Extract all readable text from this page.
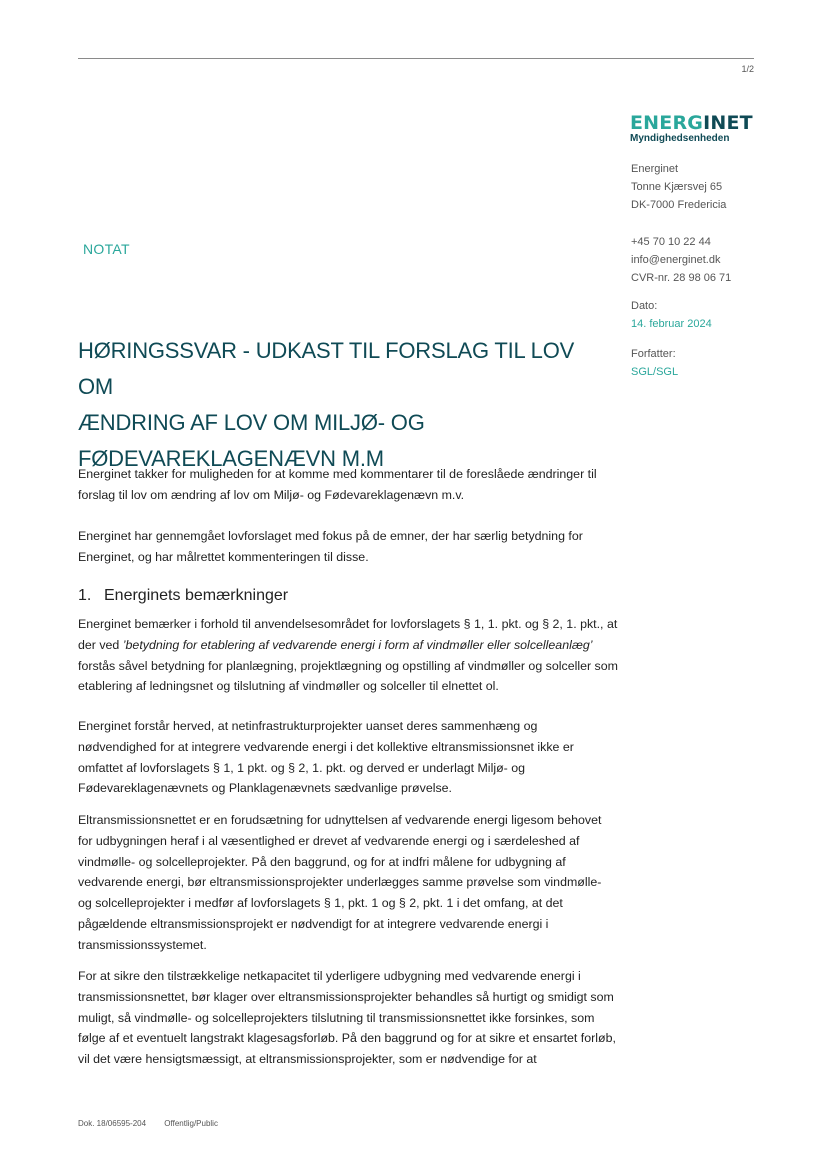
1/2
ENERGINET
Myndighedsenheden
Energinet
Tonne Kjærsvej 65
DK-7000 Fredericia
+45 70 10 22 44
info@energinet.dk
CVR-nr. 28 98 06 71
Dato:
14. februar 2024
Forfatter:
SGL/SGL
NOTAT
HØRINGSSVAR - UDKAST TIL FORSLAG TIL LOV OM
ÆNDRING AF LOV OM MILJØ- OG
FØDEVAREKLAGENÆVN M.M
Energinet takker for muligheden for at komme med kommentarer til de foreslåede ændringer til forslag til lov om ændring af lov om Miljø- og Fødevareklagenævn m.v.
Energinet har gennemgået lovforslaget med fokus på de emner, der har særlig betydning for Energinet, og har målrettet kommenteringen til disse.
1. Energinets bemærkninger
Energinet bemærker i forhold til anvendelsesområdet for lovforslagets § 1, 1. pkt. og § 2, 1. pkt., at der ved ’betydning for etablering af vedvarende energi i form af vindmøller eller solcelleanlæg’ forstås såvel betydning for planlægning, projektlægning og opstilling af vindmøller og solceller som etablering af ledningsnet og tilslutning af vindmøller og solceller til elnettet ol.
Energinet forstår herved, at netinfrastrukturprojekter uanset deres sammenhæng og nødvendighed for at integrere vedvarende energi i det kollektive eltransmissionsnet ikke er omfattet af lovforslagets § 1, 1 pkt. og § 2, 1. pkt. og derved er underlagt Miljø- og Fødevareklagenævnets og Planklagenævnets sædvanlige prøvelse.
Eltransmissionsnettet er en forudsætning for udnyttelsen af vedvarende energi ligesom behovet for udbygningen heraf i al væsentlighed er drevet af vedvarende energi og i særdeleshed af vindmølle- og solcelleprojekter. På den baggrund, og for at indfri målene for udbygning af vedvarende energi, bør eltransmissionsprojekter underlægges samme prøvelse som vindmølle- og solcelleprojekter i medfør af lovforslagets § 1, pkt. 1 og § 2, pkt. 1 i det omfang, at det pågældende eltransmissionsprojekt er nødvendigt for at integrere vedvarende energi i transmissionssystemet.
For at sikre den tilstrækkelige netkapacitet til yderligere udbygning med vedvarende energi i transmissionsnettet, bør klager over eltransmissionsprojekter behandles så hurtigt og smidigt som muligt, så vindmølle- og solcelleprojekters tilslutning til transmissionsnettet ikke forsinkes, som følge af et eventuelt langstrakt klagesagsforløb. På den baggrund og for at sikre et ensartet forløb, vil det være hensigtsmæssigt, at eltransmissionsprojekter, som er nødvendige for at
Dok. 18/06595-204 Offentlig/Public
